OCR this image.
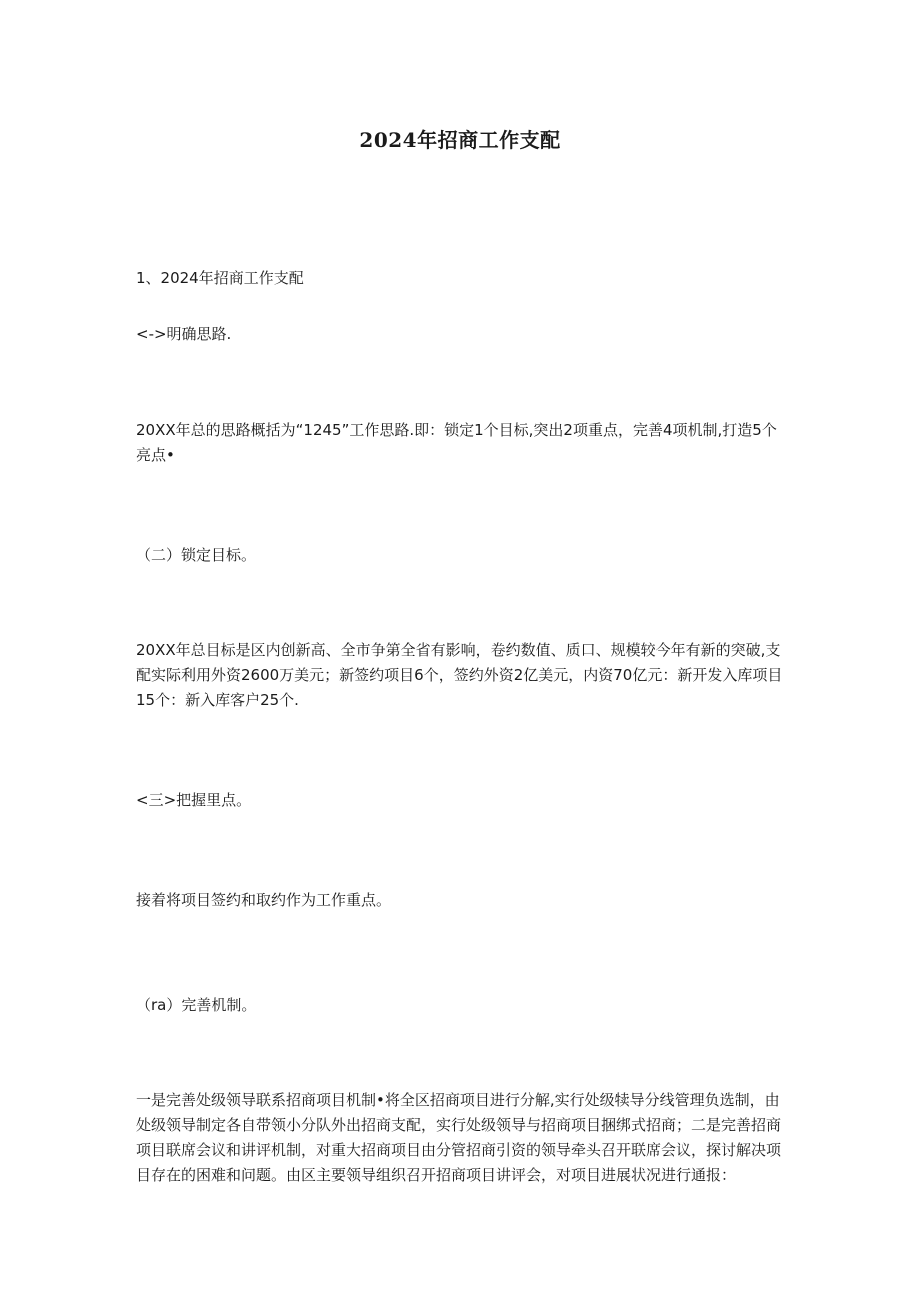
2024年招商工作支配

1、2024年招商工作支配

<->明确思路.

20XX年总的思路概括为“1245”工作思路.即：锁定1个目标,突出2项重点，完善4项机制,打造5个亮点•

（二）锁定目标。

20XX年总目标是区内创新高、全市争第全省有影响，卷约数值、质口、规模较今年有新的突破,支配实际利用外资2600万美元；新签约项目6个，签约外资2亿美元，内资70亿元：新开发入库项目15个：新入库客户25个.

<三>把握里点。

接着将项目签约和取约作为工作重点。

（ra）完善机制。

一是完善处级领导联系招商项目机制•将全区招商项目进行分解,实行处级犊导分线管理负选制，由处级领导制定各自带领小分队外出招商支配，实行处级领导与招商项目捆绑式招商；二是完善招商项目联席会议和讲评机制，对重大招商项目由分管招商引资的领导牵头召开联席会议，探讨解决项目存在的困难和问题。由区主要领导组织召开招商项目讲评会，对项目进展状况进行通报：
